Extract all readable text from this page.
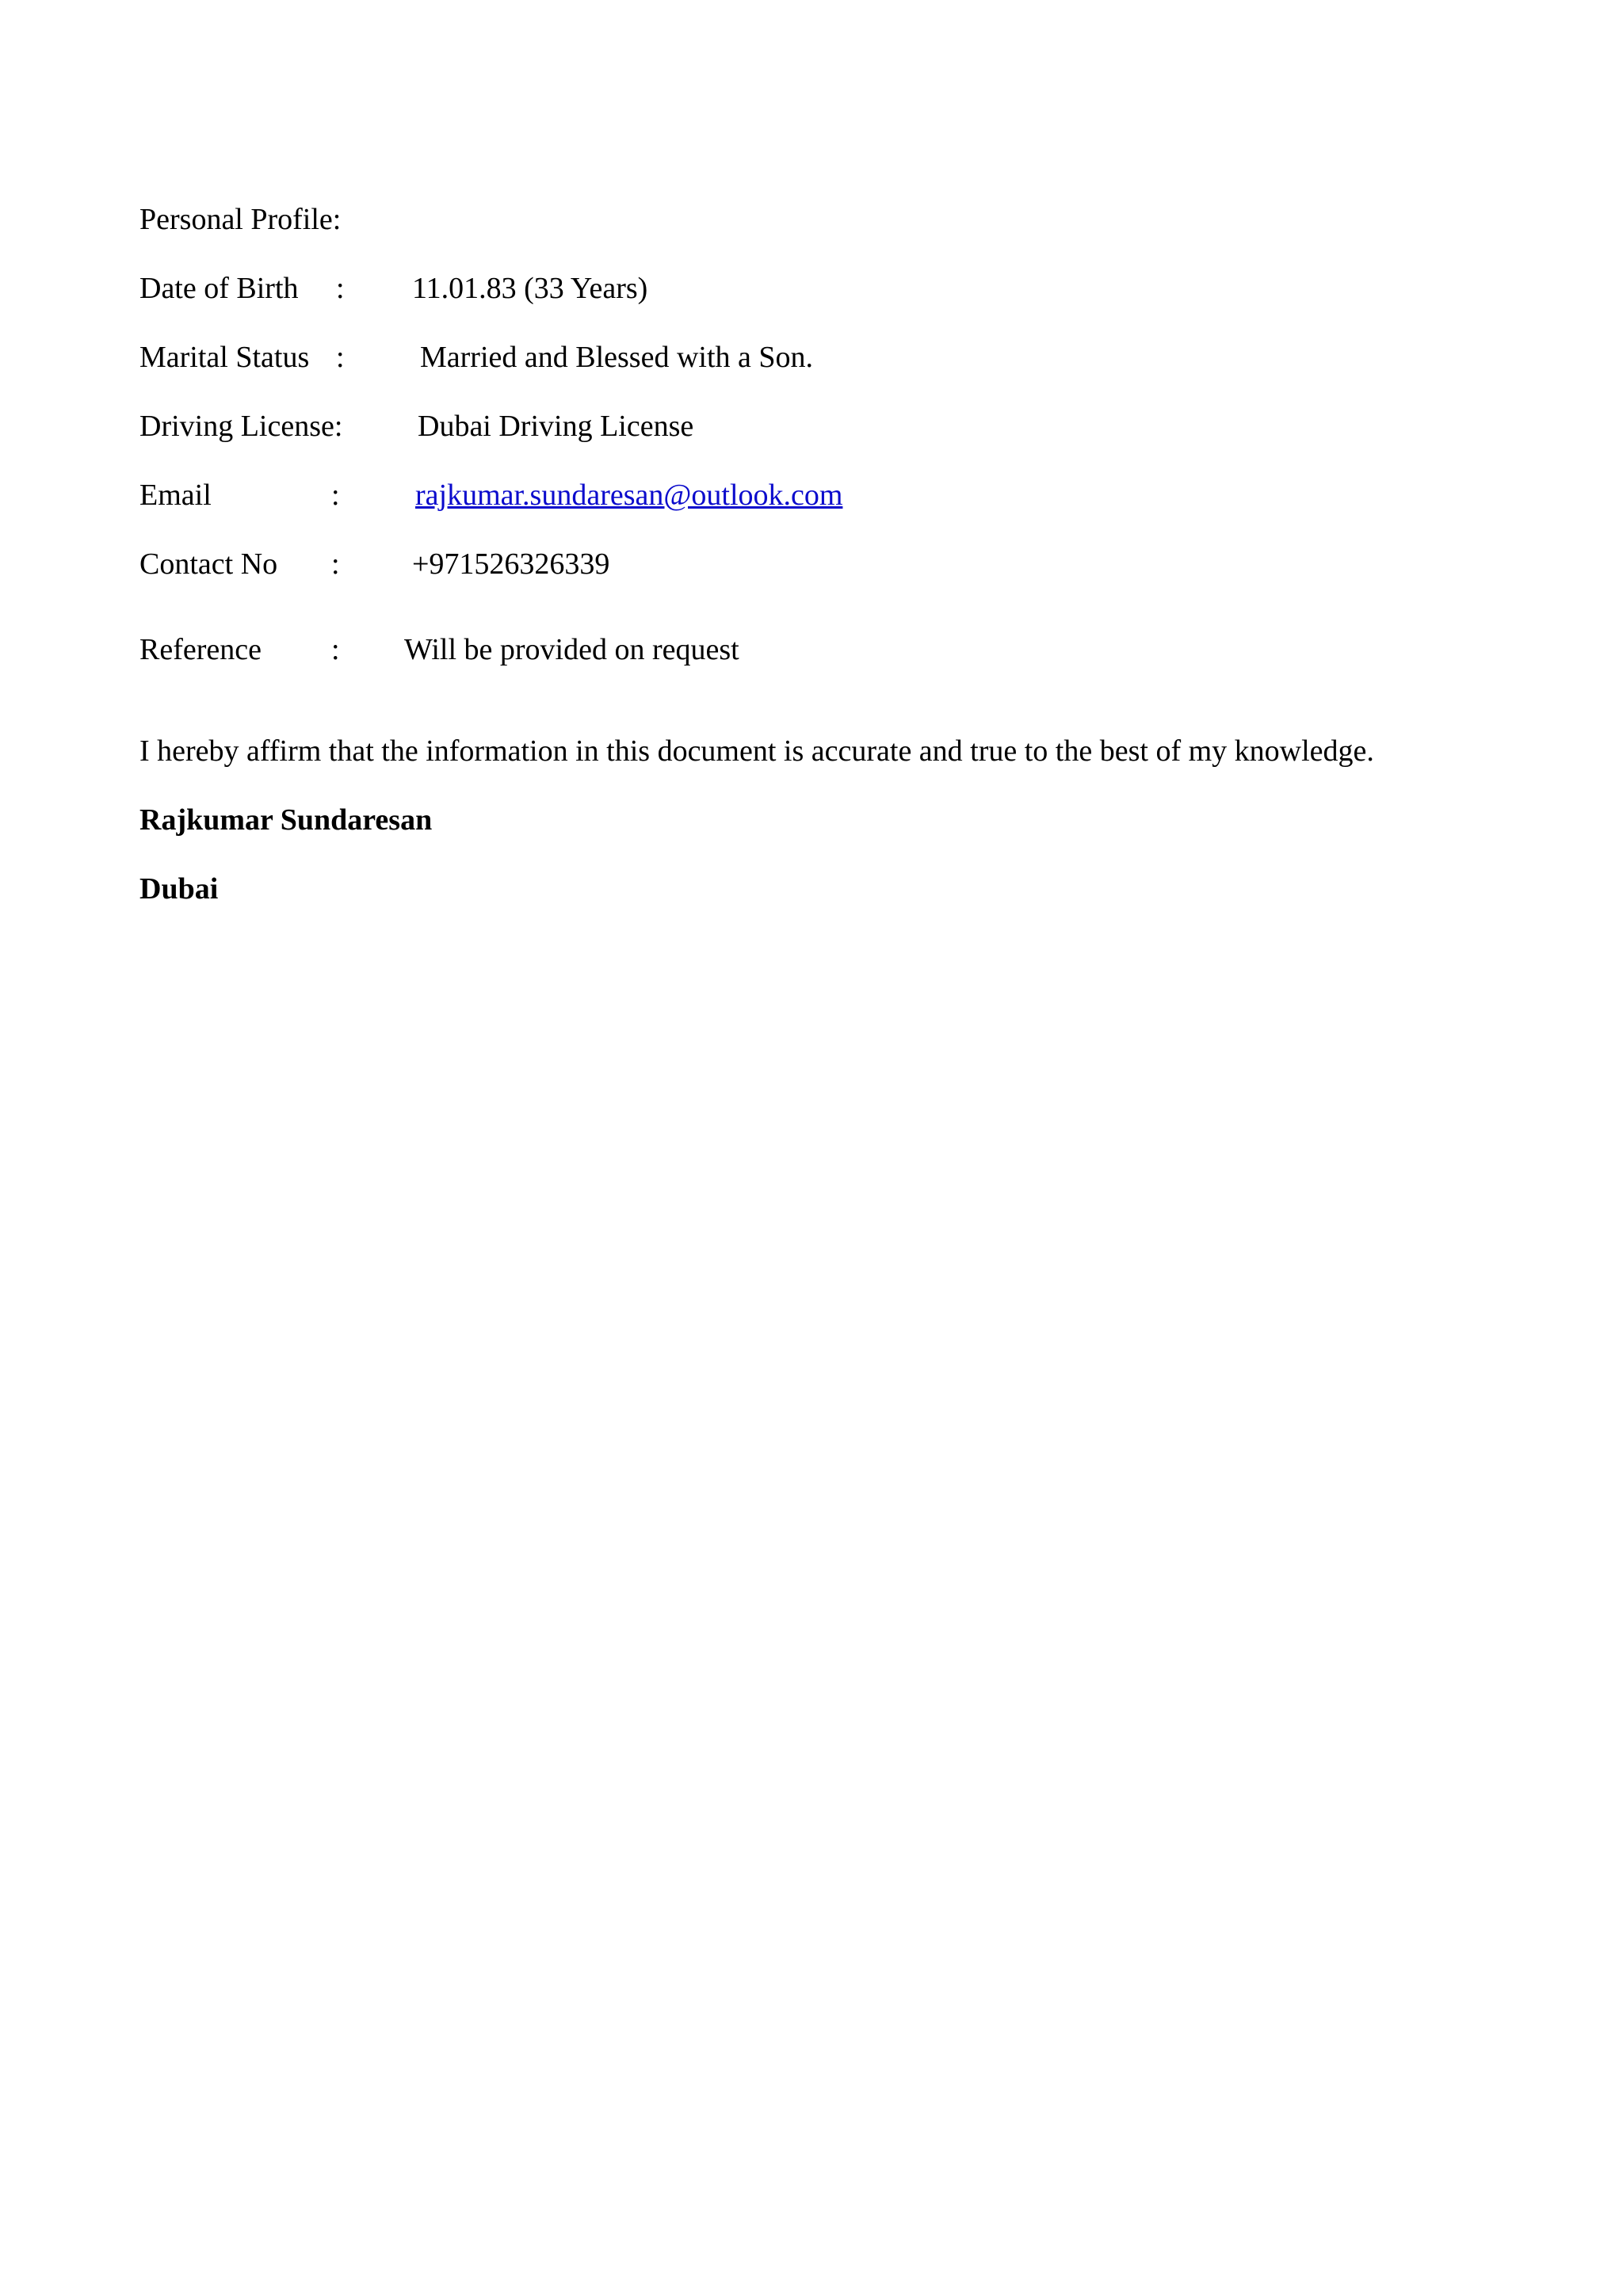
Personal Profile:
Date of Birth : 11.01.83 (33 Years)
Marital Status :	Married and Blessed with a Son.
Driving License: Dubai Driving License
Email	:	rajkumar.sundaresan@outlook.com
Contact No : +971526326339
Reference : Will be provided on request
I hereby affirm that the information in this document is accurate and true to the best of my knowledge.
Rajkumar Sundaresan
Dubai
